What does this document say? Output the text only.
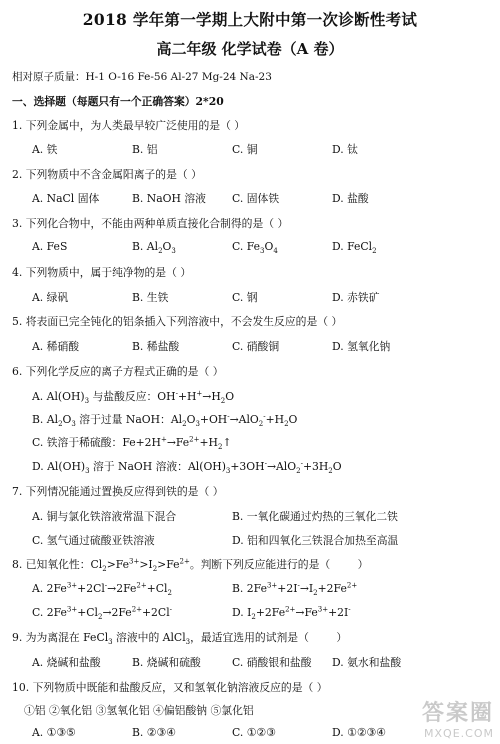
2018 学年第一学期上大附中第一次诊断性考试
高二年级 化学试卷（A 卷）
相对原子质量：H-1 O-16 Fe-56 Al-27 Mg-24 Na-23
一、选择题（每题只有一个正确答案）2*20
1. 下列金属中，为人类最早较广泛使用的是（ ）
A. 铁	B. 铝	C. 铜	D. 钛
2. 下列物质中不含金属阳离子的是（ ）
A. NaCl 固体	B. NaOH 溶液 C. 固体铁	D. 盐酸
3. 下列化合物中，不能由两种单质直接化合制得的是（ ）
A. FeS	B. $Al_2O_3$	C. $Fe_3O_4$	D. FeCl$_2$
4. 下列物质中，属于纯净物的是（ ）
A. 绿矾	B. 生铁	C. 钢	D. 赤铁矿
5. 将表面已完全钝化的铝条插入下列溶液中，不会发生反应的是（ ）
A. 稀硝酸	B. 稀盐酸	C. 硝酸铜	D. 氢氧化钠
6. 下列化学反应的离子方程式正确的是（ ）
A. $Al(OH)_3$ 与盐酸反应：$OH^-+H^+\to H_2O$
B. $Al_2O_3$ 溶于过量 NaOH：$Al_2O_3+OH^-\to AlO_2^-+H_2O$
C. 铁溶于稀硫酸：$Fe+2H^+\to Fe^{2+}+H_2↑$
D. $Al(OH)_3$ 溶于 NaOH 溶液：$Al(OH)_3+3OH^-\to AlO_2^-+3H_2O$
7. 下列情况能通过置换反应得到铁的是（ ）
A. 铜与氯化铁溶液常温下混合	B. 一氧化碳通过灼热的三氧化二铁
C. 氢气通过硫酸亚铁溶液	D. 铝和四氧化三铁混合加热至高温
8. 已知氧化性：$Cl_2>Fe^{3+}>I_2>Fe^{2+}$。判断下列反应能进行的是（        ）
A. $2Fe^{3+}+2Cl^-\to 2Fe^{2+}+Cl_2$	B. $2Fe^{3+}+2I^-\to I_2+2Fe^{2+}$
C. $2Fe^{3+}+Cl_2\to 2Fe^{2+}+2Cl^-$	D. $I_2+2Fe^{2+}\to Fe^{3+}+2I^-$
9. 为为离混在 FeCl$_3$ 溶液中的 AlCl$_3$，最适宜选用的试剂是（        ）
A. 烧碱和盐酸	B. 烧碱和硫酸	C. 硝酸银和盐酸 D. 氨水和盐酸
10. 下列物质中既能和盐酸反应，又和氢氧化钠溶液反应的是（ ）
①铝 ②氧化铝 ③氢氧化铝 ④偏铝酸钠 ⑤氯化铝
A. ①③⑤	B. ②③④	C. ①②③	D. ①②③④
答案圈
MXQE.COM
